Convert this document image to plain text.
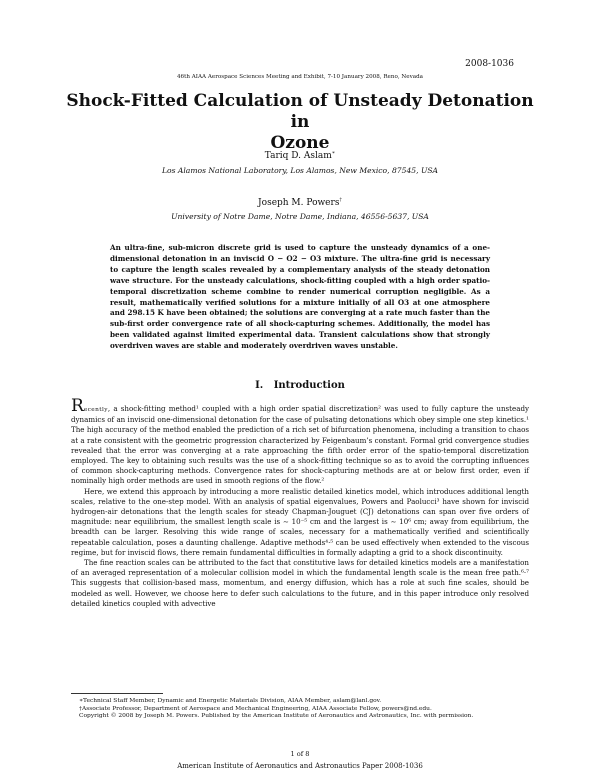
2008-1036
46th AIAA Aerospace Sciences Meeting and Exhibit, 7-10 January 2008, Reno, Nevada
Shock-Fitted Calculation of Unsteady Detonation in
Ozone
Tariq D. Aslam∗
Los Alamos National Laboratory, Los Alamos, New Mexico, 87545, USA
Joseph M. Powers†
University of Notre Dame, Notre Dame, Indiana, 46556-5637, USA
An ultra-fine, sub-micron discrete grid is used to capture the unsteady dynamics of a one-dimensional detonation in an inviscid O − O2 − O3 mixture. The ultra-fine grid is necessary to capture the length scales revealed by a complementary analysis of the steady detonation wave structure. For the unsteady calculations, shock-fitting coupled with a high order spatio-temporal discretization scheme combine to render numerical corruption negligible. As a result, mathematically verified solutions for a mixture initially of all O3 at one atmosphere and 298.15 K have been obtained; the solutions are converging at a rate much faster than the sub-first order convergence rate of all shock-capturing schemes. Additionally, the model has been validated against limited experimental data. Transient calculations show that strongly overdriven waves are stable and moderately overdriven waves unstable.
I. Introduction

Recently, a shock-fitting method¹ coupled with a high order spatial discretization² was used to fully capture the unsteady dynamics of an inviscid one-dimensional detonation for the case of pulsating detonations which obey simple one step kinetics.¹ The high accuracy of the method enabled the prediction of a rich set of bifurcation phenomena, including a transition to chaos at a rate consistent with the geometric progression characterized by Feigenbaum’s constant. Formal grid convergence studies revealed that the error was converging at a rate approaching the fifth order error of the spatio-temporal discretization employed. The key to obtaining such results was the use of a shock-fitting technique so as to avoid the corrupting influences of common shock-capturing methods. Convergence rates for shock-capturing methods are at or below first order, even if nominally high order methods are used in smooth regions of the flow.²

Here, we extend this approach by introducing a more realistic detailed kinetics model, which introduces additional length scales, relative to the one-step model. With an analysis of spatial eigenvalues, Powers and Paolucci³ have shown for inviscid hydrogen-air detonations that the length scales for steady Chapman-Jouguet (CJ) detonations can span over five orders of magnitude: near equilibrium, the smallest length scale is ∼ 10⁻⁵ cm and the largest is ∼ 10⁶ cm; away from equilibrium, the breadth can be larger. Resolving this wide range of scales, necessary for a mathematically verified and scientifically repeatable calculation, poses a daunting challenge. Adaptive methods⁴·⁵ can be used effectively when extended to the viscous regime, but for inviscid flows, there remain fundamental difficulties in formally adapting a grid to a shock discontinuity.

The fine reaction scales can be attributed to the fact that constitutive laws for detailed kinetics models are a manifestation of an averaged representation of a molecular collision model in which the fundamental length scale is the mean free path.⁶·⁷ This suggests that collision-based mass, momentum, and energy diffusion, which has a role at such fine scales, should be modeled as well. However, we choose here to defer such calculations to the future, and in this paper introduce only resolved detailed kinetics coupled with advective

∗Technical Staff Member, Dynamic and Energetic Materials Division, AIAA Member, aslam@lanl.gov.
†Associate Professor, Department of Aerospace and Mechanical Engineering, AIAA Associate Fellow, powers@nd.edu.
Copyright © 2008 by Joseph M. Powers. Published by the American Institute of Aeronautics and Astronautics, Inc. with permission.
1 of 8
American Institute of Aeronautics and Astronautics Paper 2008-1036
